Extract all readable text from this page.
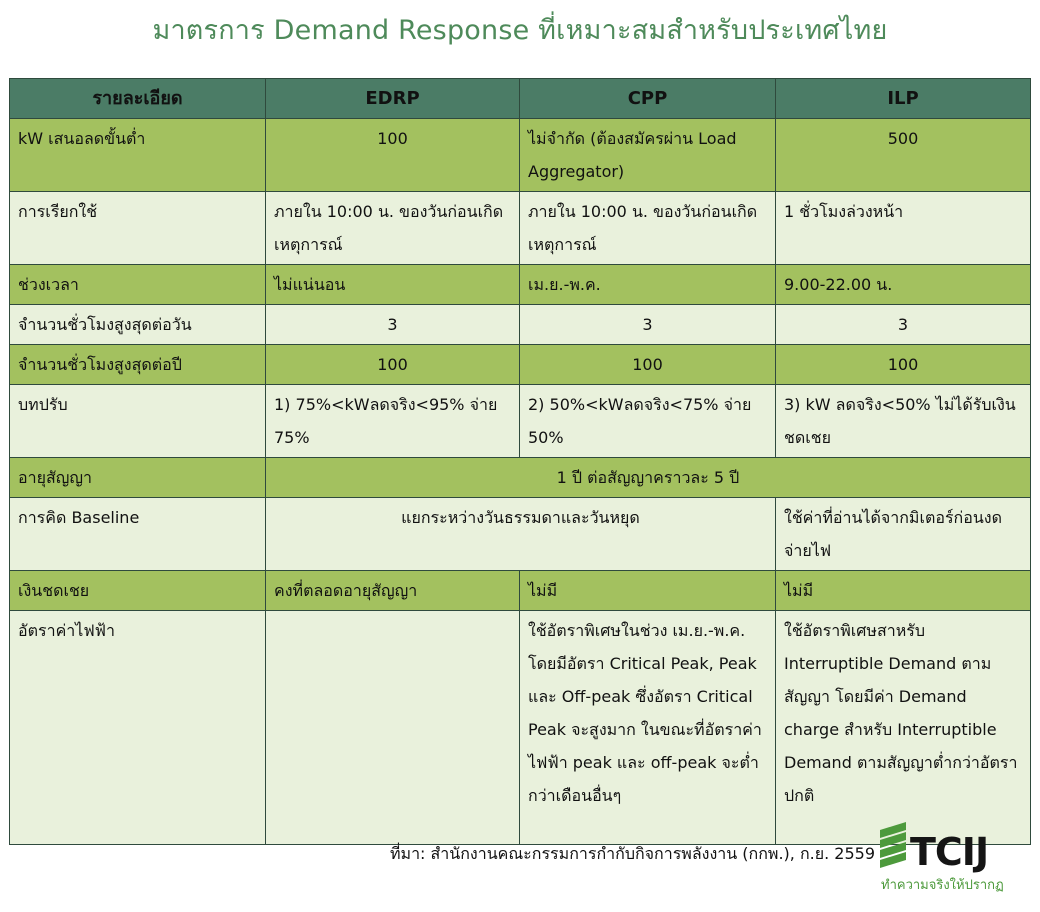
มาตรการ Demand Response ที่เหมาะสมสำหรับประเทศไทย
รายละเอียด	EDRP	CPP	ILP
kW เสนอลดขั้นต่ำ	100	ไม่จำกัด (ต้องสมัครผ่าน Load Aggregator)	500
การเรียกใช้	ภายใน 10:00 น. ของวันก่อนเกิดเหตุการณ์	ภายใน 10:00 น. ของวันก่อนเกิดเหตุการณ์	1 ชั่วโมงล่วงหน้า
ช่วงเวลา	ไม่แน่นอน	เม.ย.-พ.ค.	9.00-22.00 น.
จำนวนชั่วโมงสูงสุดต่อวัน	3	3	3
จำนวนชั่วโมงสูงสุดต่อปี	100	100	100
บทปรับ	1) 75%<kWลดจริง<95% จ่าย 75%	2) 50%<kWลดจริง<75% จ่าย 50%	3) kW ลดจริง<50% ไม่ได้รับเงินชดเชย
อายุสัญญา	1 ปี ต่อสัญญาคราวละ 5 ปี		
การคิด Baseline	แยกระหว่างวันธรรมดาและวันหยุด		ใช้ค่าที่อ่านได้จากมิเตอร์ก่อนงดจ่ายไฟ
เงินชดเชย	คงที่ตลอดอายุสัญญา	ไม่มี	ไม่มี
อัตราค่าไฟฟ้า		ใช้อัตราพิเศษในช่วง เม.ย.-พ.ค. โดยมีอัตรา Critical Peak, Peak และ Off-peak ซึ่งอัตรา Critical Peak จะสูงมาก ในขณะที่อัตราค่าไฟฟ้า peak และ off-peak จะต่ำกว่าเดือนอื่นๆ	ใช้อัตราพิเศษสาหรับ Interruptible Demand ตามสัญญา โดยมีค่า Demand charge สำหรับ Interruptible Demand ตามสัญญาต่ำกว่าอัตราปกติ
ที่มา: สำนักงานคณะกรรมการกำกับกิจการพลังงาน (กกพ.), ก.ย. 2559 TCIJ
ทำความจริงให้ปรากฏ
